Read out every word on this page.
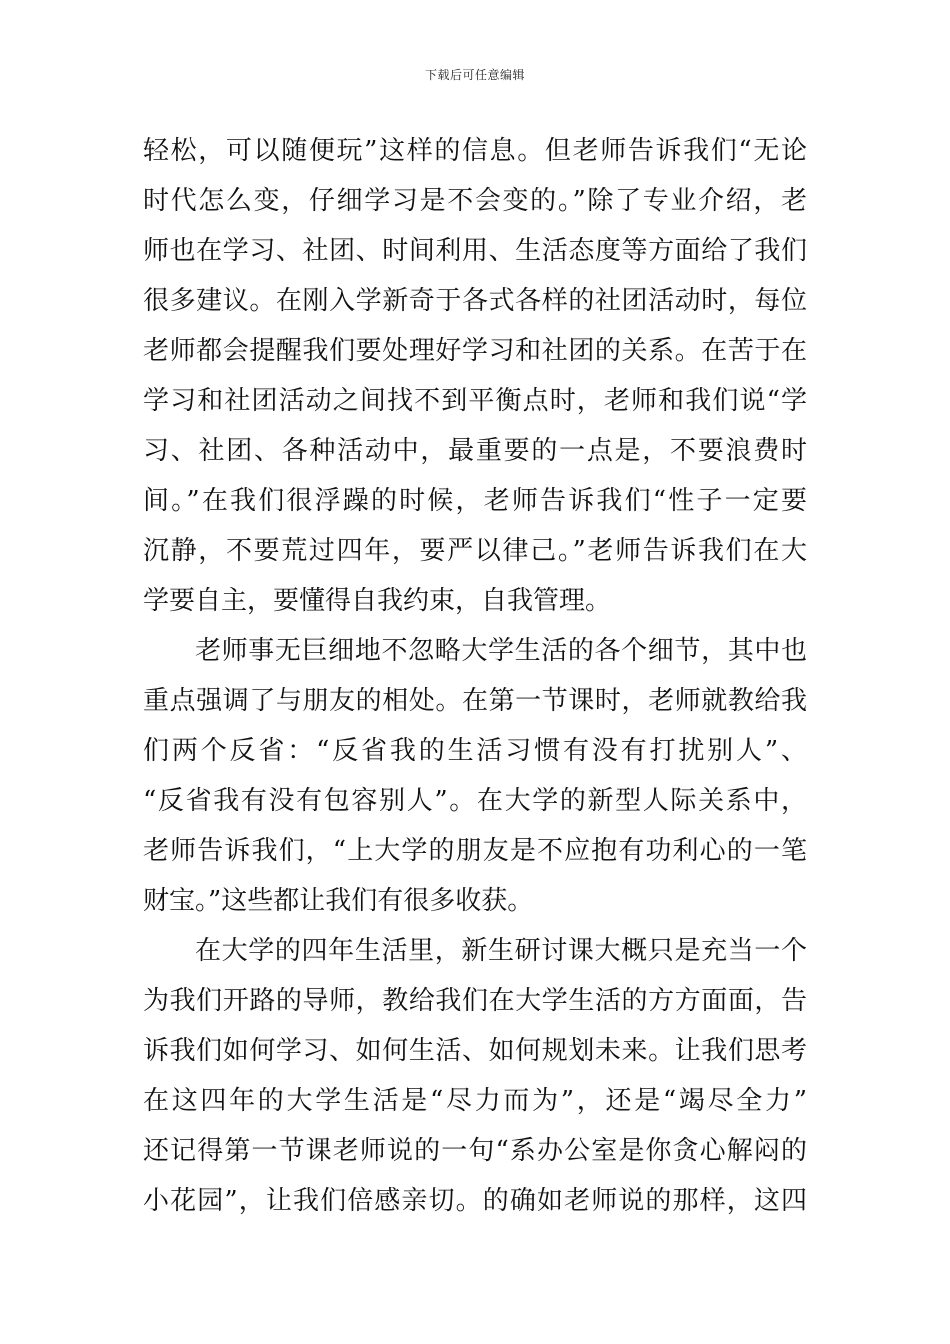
下载后可任意编辑
轻松，可以随便玩”这样的信息。但老师告诉我们“无论
时代怎么变，仔细学习是不会变的。”除了专业介绍，老
师也在学习、社团、时间利用、生活态度等方面给了我们
很多建议。在刚入学新奇于各式各样的社团活动时，每位
老师都会提醒我们要处理好学习和社团的关系。在苦于在
学习和社团活动之间找不到平衡点时，老师和我们说“学
习、社团、各种活动中，最重要的一点是，不要浪费时
间。”在我们很浮躁的时候，老师告诉我们“性子一定要
沉静，不要荒过四年，要严以律己。”老师告诉我们在大
学要自主，要懂得自我约束，自我管理。
老师事无巨细地不忽略大学生活的各个细节，其中也
重点强调了与朋友的相处。在第一节课时，老师就教给我
们两个反省：“反省我的生活习惯有没有打扰别人”、
“反省我有没有包容别人”。在大学的新型人际关系中，
老师告诉我们，“上大学的朋友是不应抱有功利心的一笔
财宝。”这些都让我们有很多收获。
在大学的四年生活里，新生研讨课大概只是充当一个
为我们开路的导师，教给我们在大学生活的方方面面，告
诉我们如何学习、如何生活、如何规划未来。让我们思考
在这四年的大学生活是“尽力而为”，还是“竭尽全力”
还记得第一节课老师说的一句“系办公室是你贪心解闷的
小花园”，让我们倍感亲切。的确如老师说的那样，这四
